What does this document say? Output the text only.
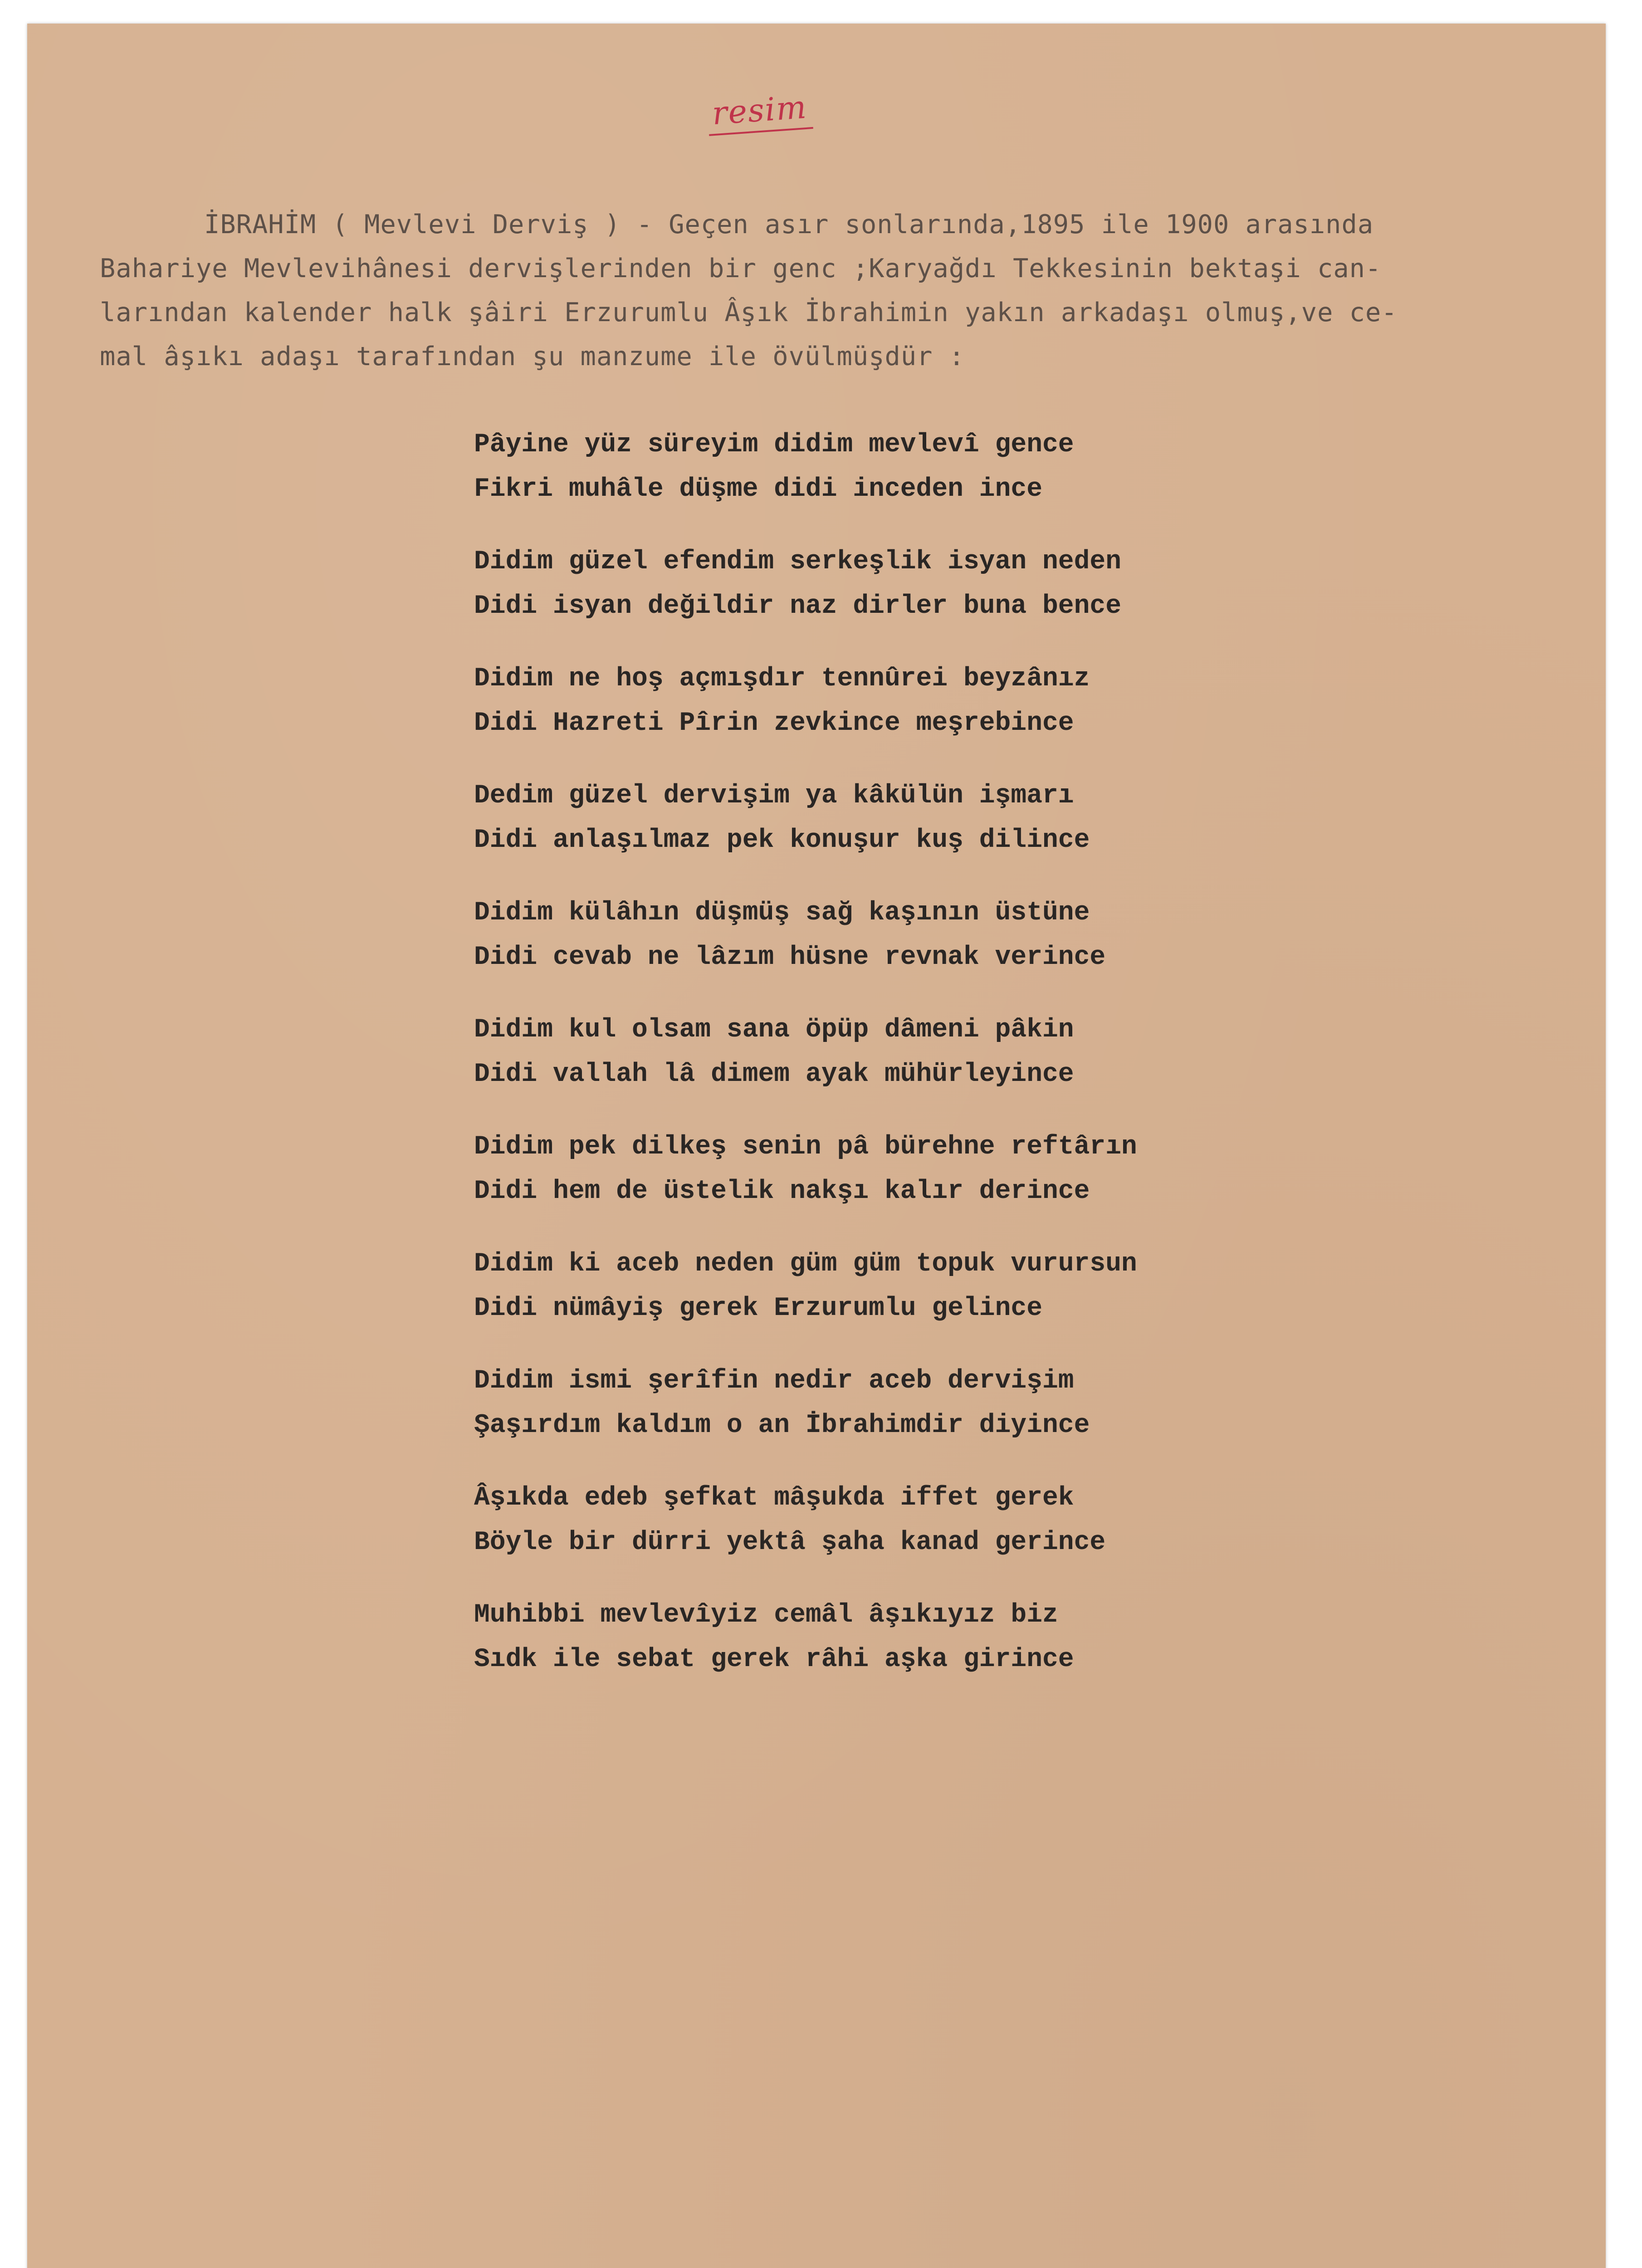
resim
İBRAHİM ( Mevlevi Derviş ) - Geçen asır sonlarında,1895 ile 1900 arasında
Bahariye Mevlevihânesi dervişlerinden bir genc ;Karyağdı Tekkesinin bektaşi can-
larından kalender halk şâiri Erzurumlu Âşık İbrahimin yakın arkadaşı olmuş,ve ce-
mal âşıkı adaşı tarafından şu manzume ile övülmüşdür :
Pâyine yüz süreyim didim mevlevî gence
Fikri muhâle düşme didi inceden ince
Didim güzel efendim serkeşlik isyan neden
Didi isyan değildir naz dirler buna bence
Didim ne hoş açmışdır tennûrei beyzânız
Didi Hazreti Pîrin zevkince meşrebince
Dedim güzel dervişim ya kâkülün işmarı
Didi anlaşılmaz pek konuşur kuş dilince
Didim külâhın düşmüş sağ kaşının üstüne
Didi cevab ne lâzım hüsne revnak verince
Didim kul olsam sana öpüp dâmeni pâkin
Didi vallah lâ dimem ayak mühürleyince
Didim pek dilkeş senin pâ bürehne reftârın
Didi hem de üstelik nakşı kalır derince
Didim ki aceb neden güm güm topuk vurursun
Didi nümâyiş gerek Erzurumlu gelince
Didim ismi şerîfin nedir aceb dervişim
Şaşırdım kaldım o an İbrahimdir diyince
Âşıkda edeb şefkat mâşukda iffet gerek
Böyle bir dürri yektâ şaha kanad gerince
Muhibbi mevlevîyiz cemâl âşıkıyız biz
Sıdk ile sebat gerek râhi aşka girince
